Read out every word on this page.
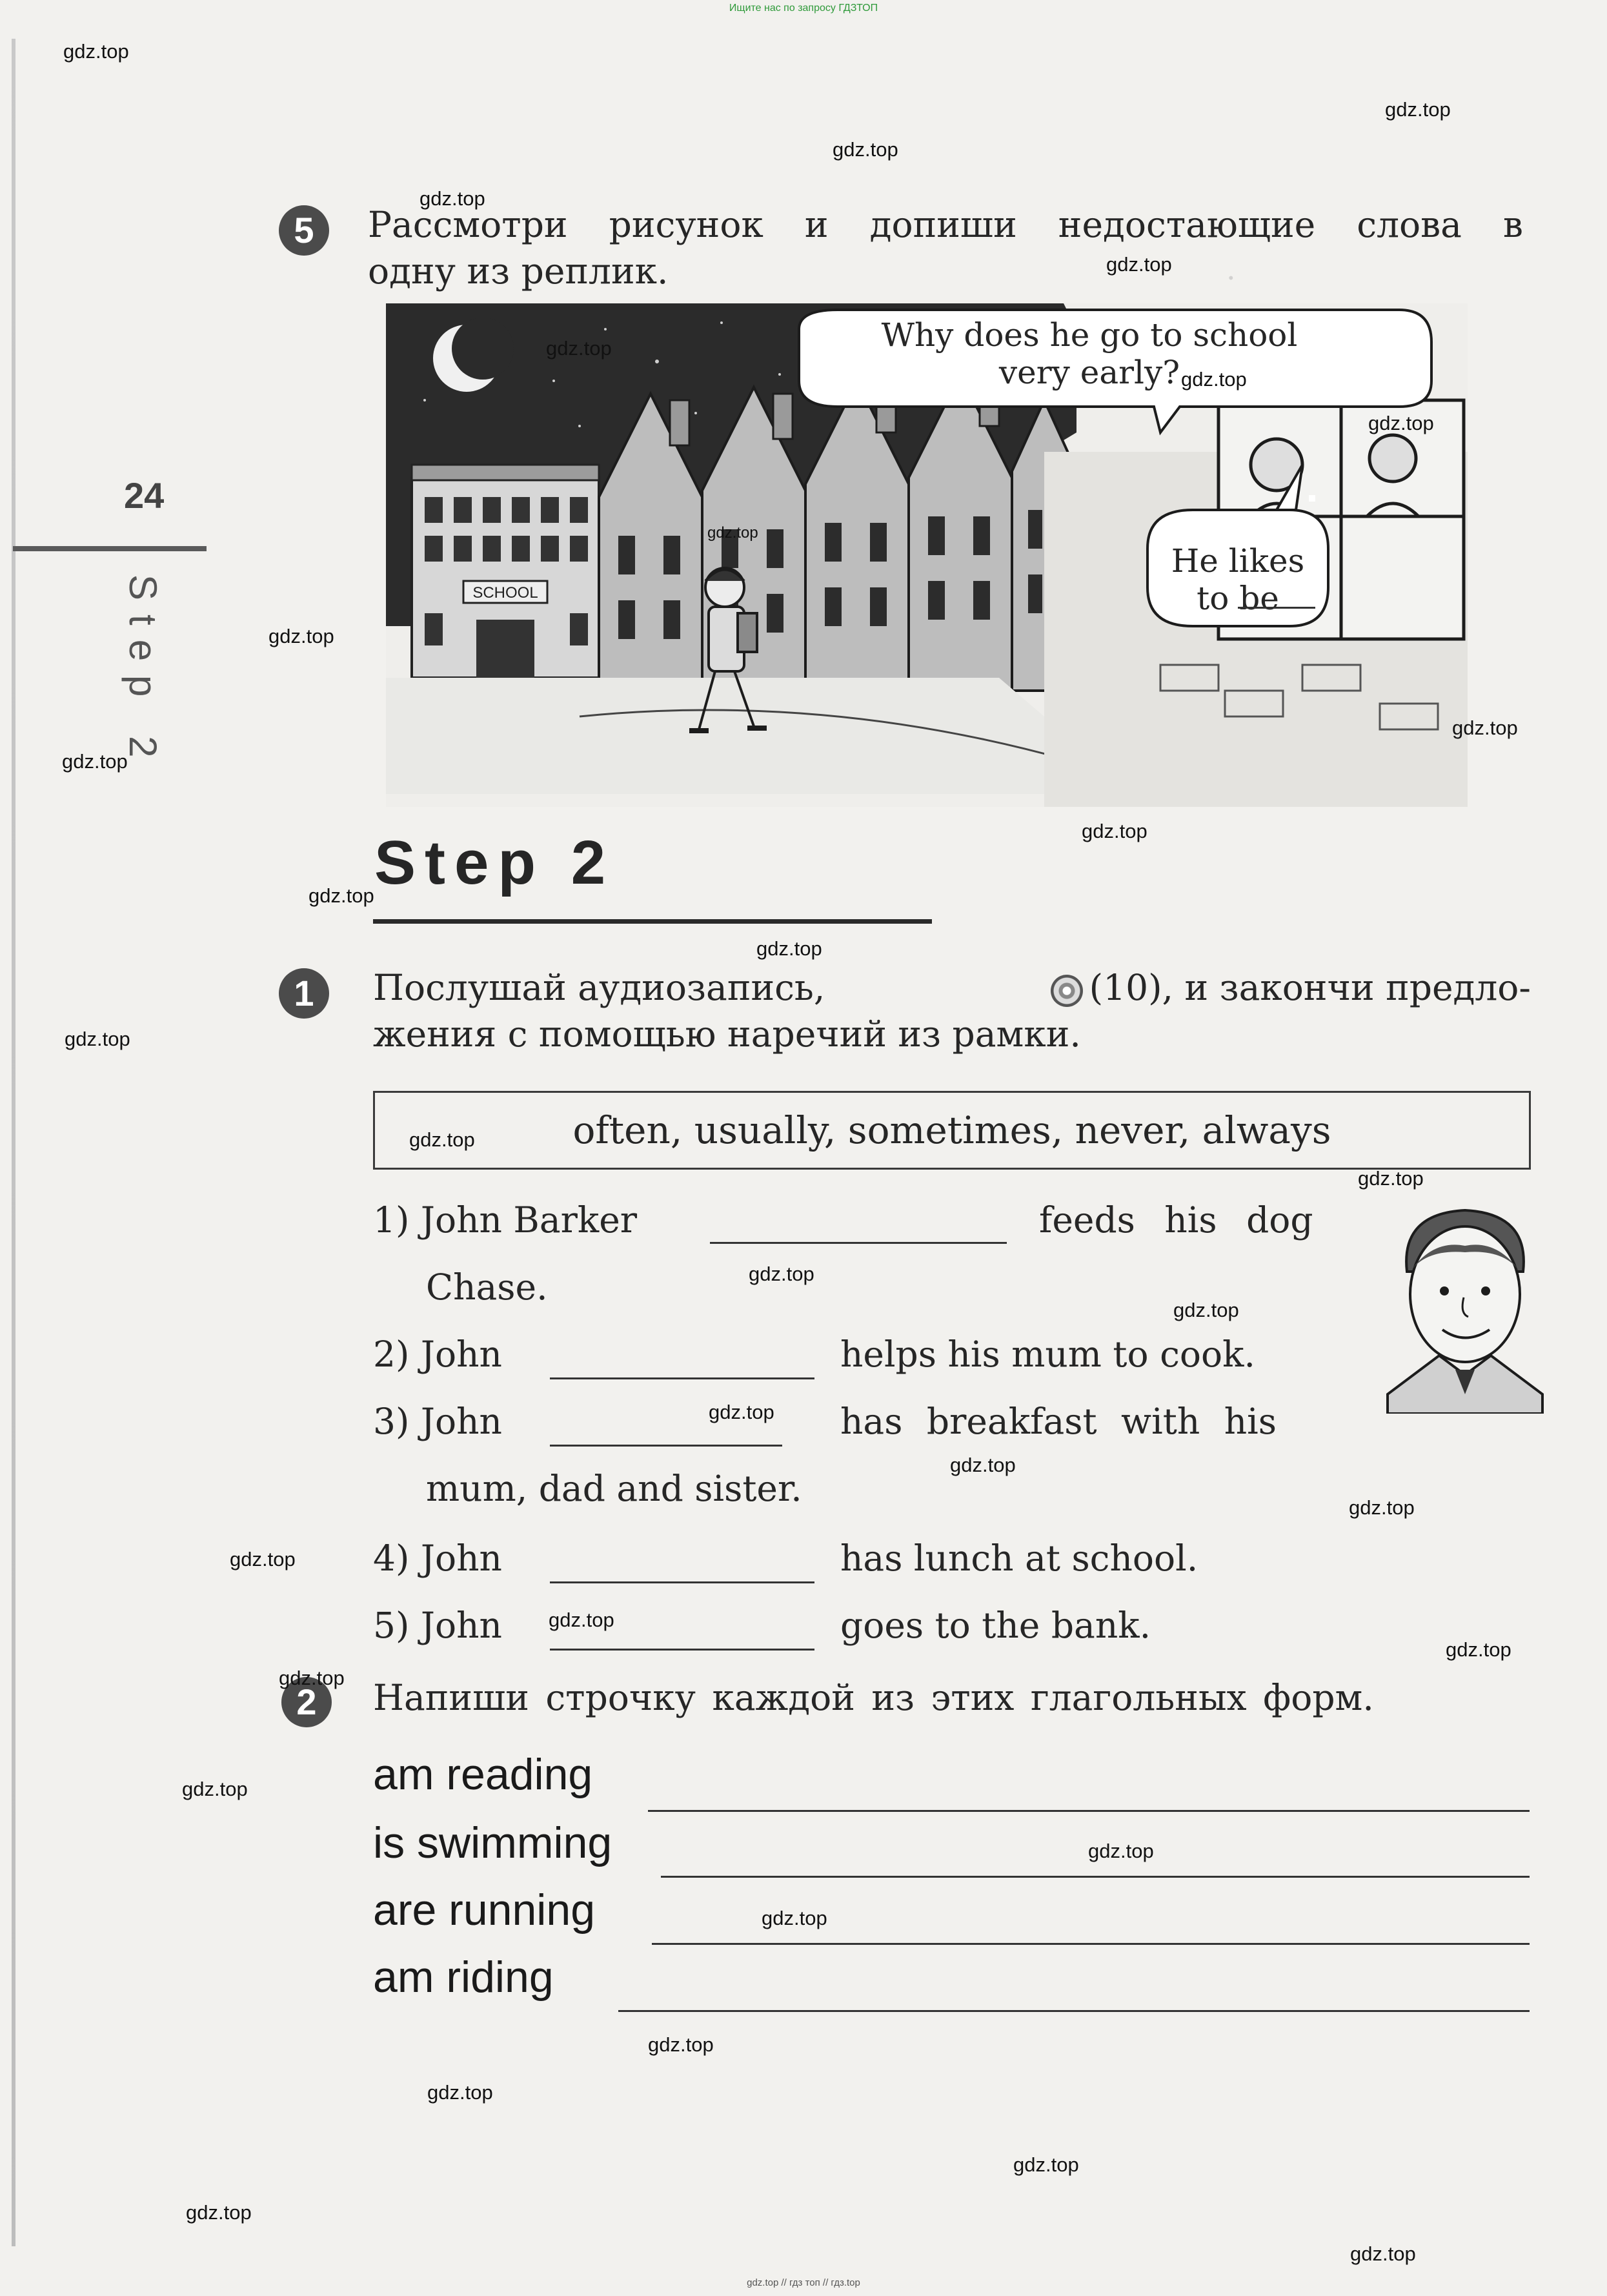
Ищите нас по запросу ГДЗТОП
.
24
Step 2
5	Рассмотри рисунок и допиши недостающие слова в
одну из реплик.
SCHOOL
Why does he go to school
very early?
He likes
to be
Step 2
1	Послушай аудиозапись,	(10), и закончи предло-
жения с помощью наречий из рамки.
often, usually, sometimes, never, always
1) John Barker	feeds his dog
Chase.
2) John	helps his mum to cook.
3) John	has breakfast with his
mum, dad and sister.
4) John	has lunch at school.
5) John	goes to the bank.
2	Напиши строчку каждой из этих глагольных форм.
am reading
is swimming
are running
am riding
gdz.top
gdz.top
gdz.top
gdz.top
gdz.top
gdz.top
gdz.top
gdz.top
gdz.top
gdz.top
gdz.top
gdz.top
gdz.top
gdz.top
gdz.top
gdz.top
gdz.top
gdz.top
gdz.top
gdz.top
gdz.top
gdz.top
gdz.top
gdz.top
gdz.top
gdz.top
gdz.top
gdz.top
gdz.top
gdz.top
gdz.top
gdz.top
gdz.top
gdz.top
gdz.top
gdz.top // гдз топ // гдз.top
